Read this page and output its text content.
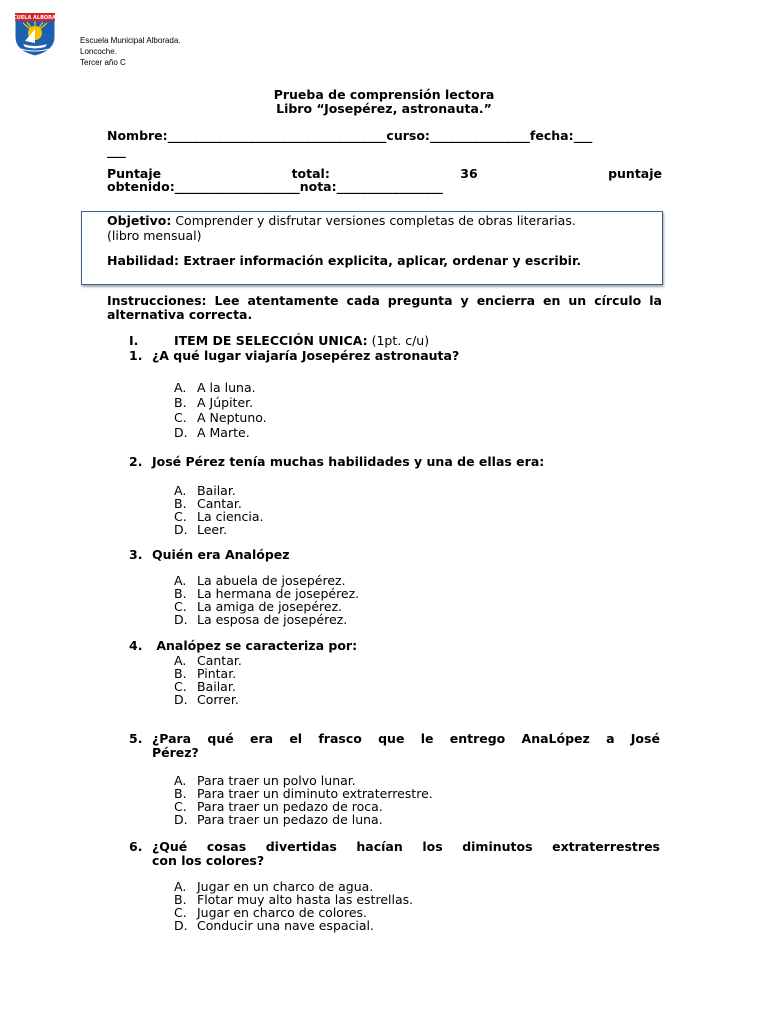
ESCUELA ALBORADA
Escuela Municipal Alborada.
Loncoche.
Tercer año C
Prueba de comprensión lectora
Libro “Josepérez, astronauta.”
Nombre:___________________________________curso:________________fecha:___
___
Puntaje	total:	36	puntaje
obtenido:____________________nota:_________________
Objetivo: Comprender y disfrutar versiones completas de obras literarias.
(libro mensual)
Habilidad: Extraer información explicita, aplicar, ordenar y escribir.
Instrucciones: Lee atentamente cada pregunta y encierra en un círculo la alternativa correcta.
I.	ITEM DE SELECCIÓN UNICA: (1pt. c/u)
1. ¿A qué lugar viajaría Josepérez astronauta?
A. A la luna.
B. A Júpiter.
C. A Neptuno.
D. A Marte.
2. José Pérez tenía muchas habilidades y una de ellas era:
A. Bailar.
B. Cantar.
C. La ciencia.
D. Leer.
3. Quién era Analópez
A. La abuela de josepérez.
B. La hermana de josepérez.
C. La amiga de josepérez.
D. La esposa de josepérez.
4. Analópez se caracteriza por:
A. Cantar.
B. Pintar.
C. Bailar.
D. Correr.
5. ¿Para qué era el frasco que le entrego AnaLópez a José
Pérez?
A. Para traer un polvo lunar.
B. Para traer un diminuto extraterrestre.
C. Para traer un pedazo de roca.
D. Para traer un pedazo de luna.
6. ¿Qué cosas divertidas hacían los diminutos extraterrestres
con los colores?
A. Jugar en un charco de agua.
B. Flotar muy alto hasta las estrellas.
C. Jugar en charco de colores.
D. Conducir una nave espacial.
